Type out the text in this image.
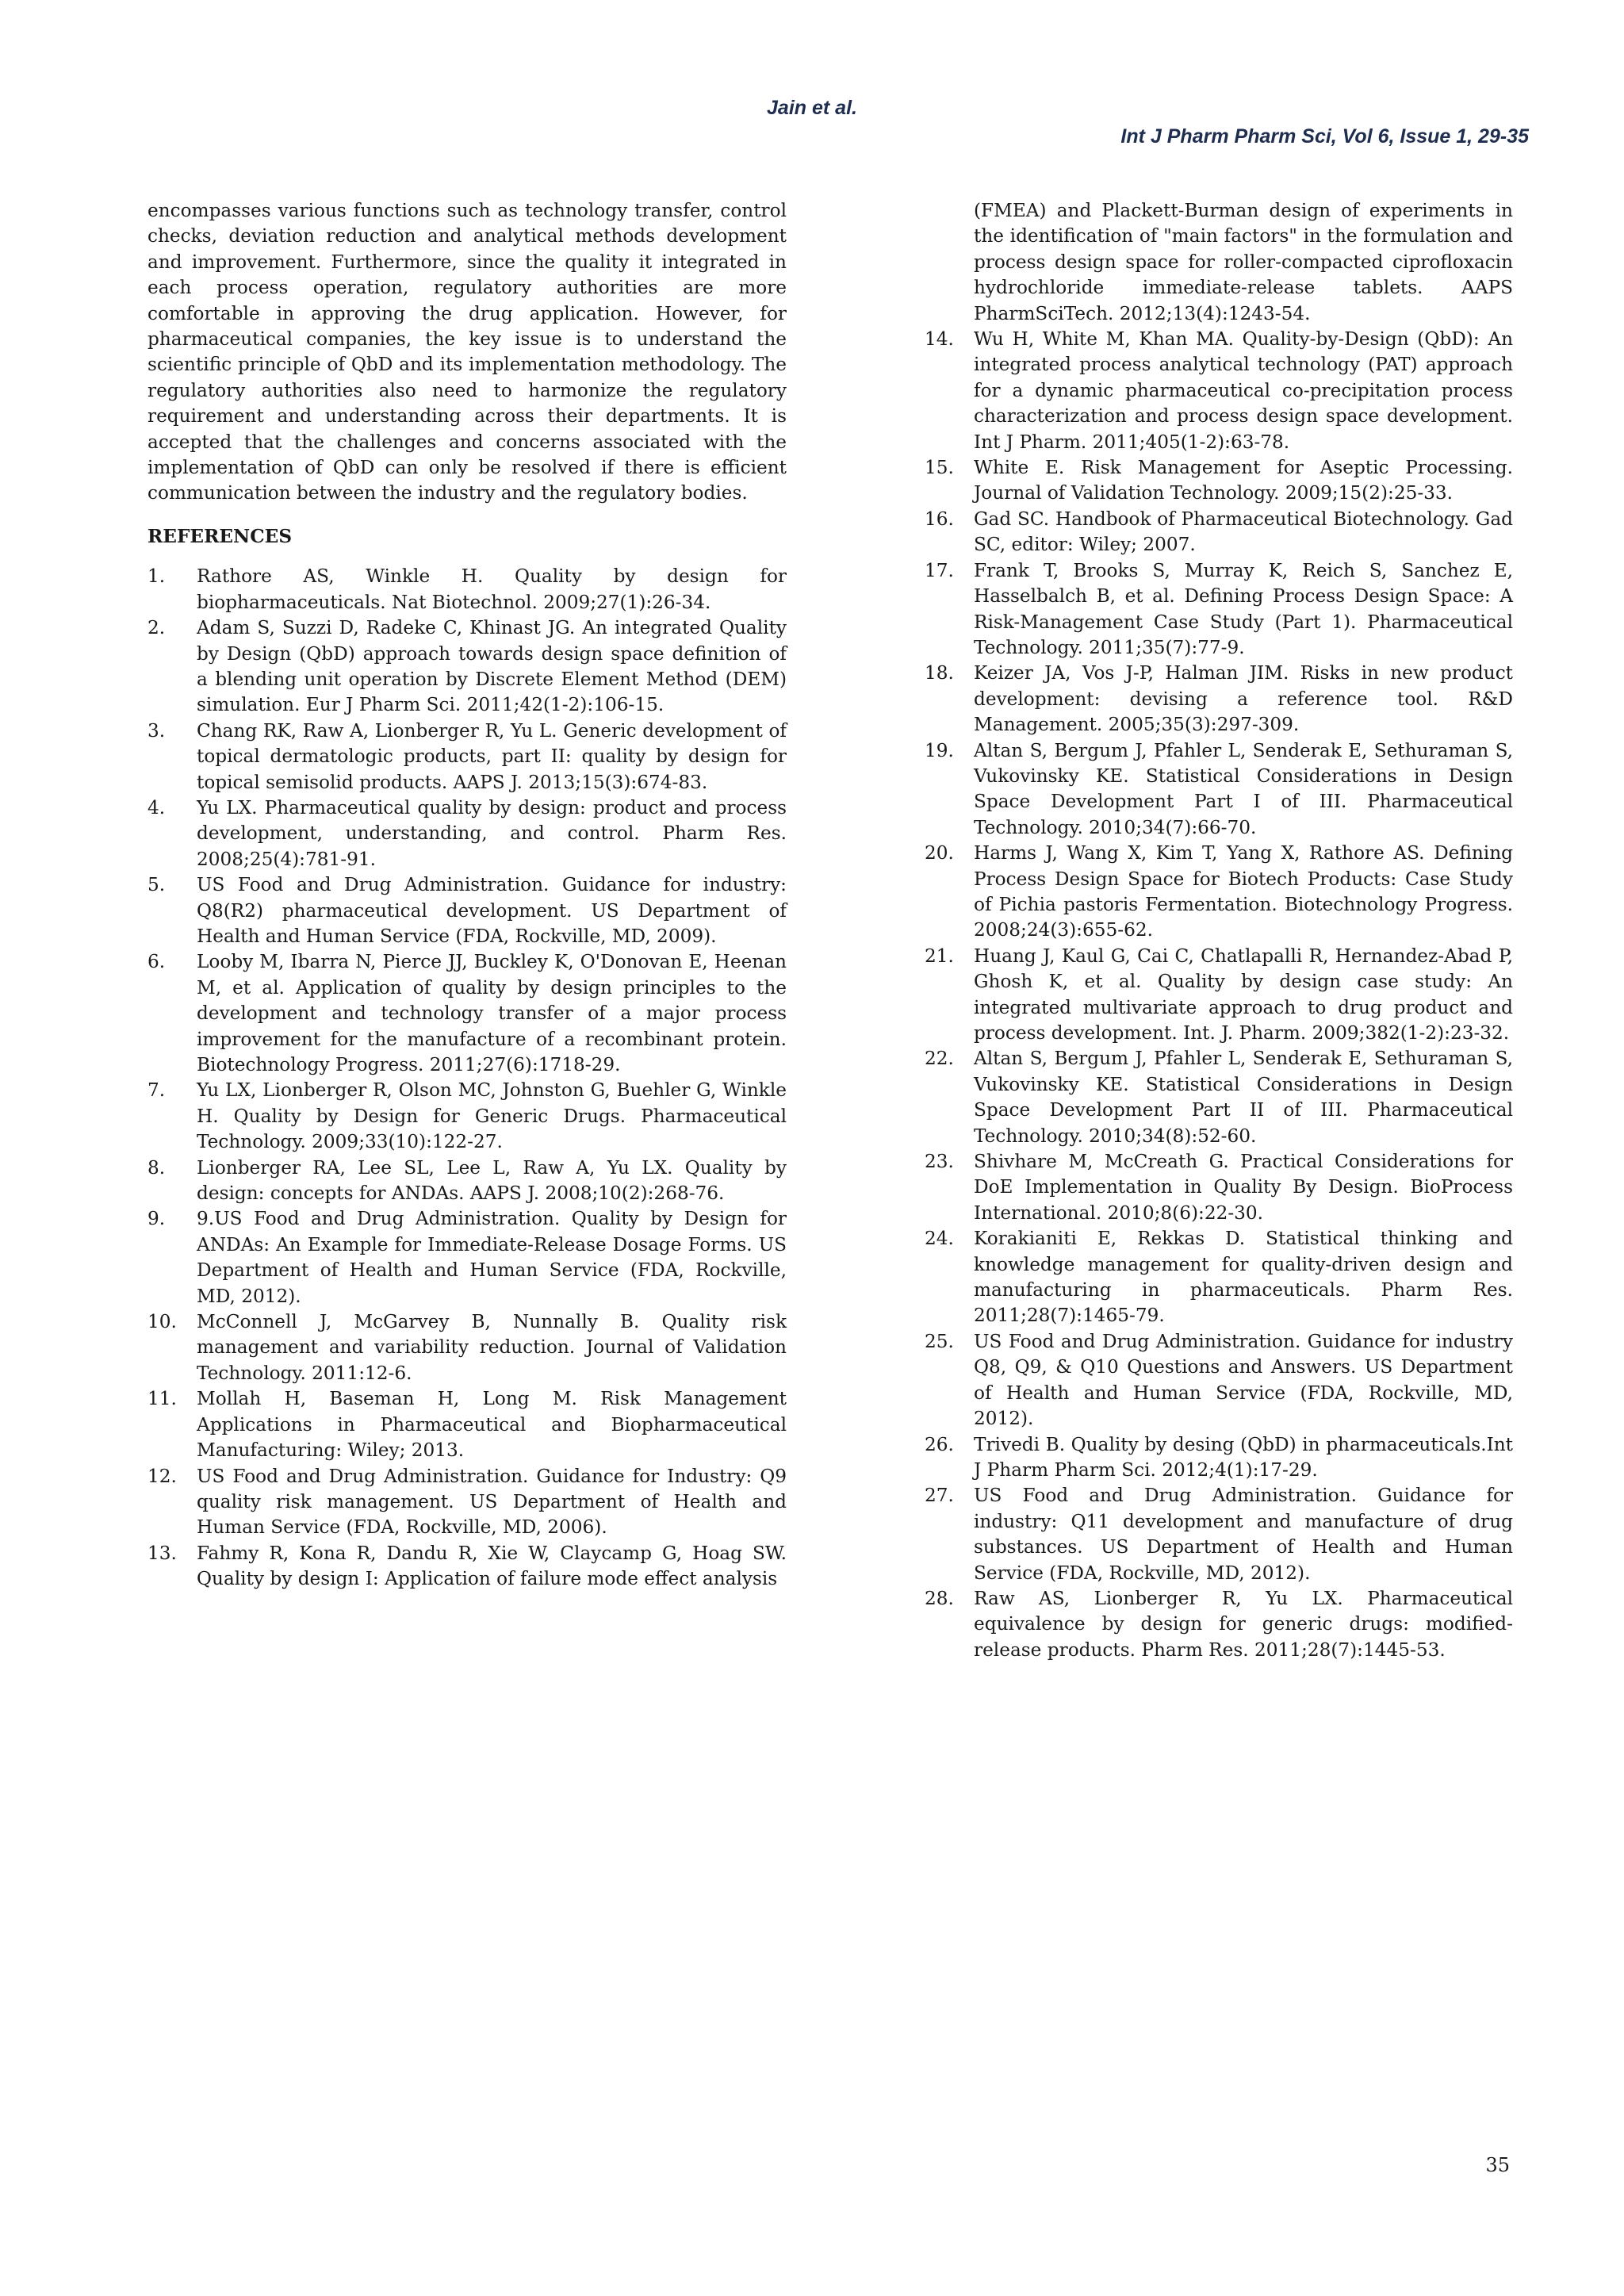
Jain et al.
Int J Pharm Pharm Sci, Vol 6, Issue 1, 29-35

encompasses various functions such as technology transfer, control checks, deviation reduction and analytical methods development and improvement. Furthermore, since the quality it integrated in each process operation, regulatory authorities are more comfortable in approving the drug application. However, for pharmaceutical companies, the key issue is to understand the scientific principle of QbD and its implementation methodology. The regulatory authorities also need to harmonize the regulatory requirement and understanding across their departments. It is accepted that the challenges and concerns associated with the implementation of QbD can only be resolved if there is efficient communication between the industry and the regulatory bodies.

REFERENCES
1. Rathore AS, Winkle H. Quality by design for biopharmaceuticals. Nat Biotechnol. 2009;27(1):26-34.
2. Adam S, Suzzi D, Radeke C, Khinast JG. An integrated Quality by Design (QbD) approach towards design space definition of a blending unit operation by Discrete Element Method (DEM) simulation. Eur J Pharm Sci. 2011;42(1-2):106-15.
3. Chang RK, Raw A, Lionberger R, Yu L. Generic development of topical dermatologic products, part II: quality by design for topical semisolid products. AAPS J. 2013;15(3):674-83.
4. Yu LX. Pharmaceutical quality by design: product and process development, understanding, and control. Pharm Res. 2008;25(4):781-91.
5. US Food and Drug Administration. Guidance for industry: Q8(R2) pharmaceutical development. US Department of Health and Human Service (FDA, Rockville, MD, 2009).
6. Looby M, Ibarra N, Pierce JJ, Buckley K, O'Donovan E, Heenan M, et al. Application of quality by design principles to the development and technology transfer of a major process improvement for the manufacture of a recombinant protein. Biotechnology Progress. 2011;27(6):1718-29.
7. Yu LX, Lionberger R, Olson MC, Johnston G, Buehler G, Winkle H. Quality by Design for Generic Drugs. Pharmaceutical Technology. 2009;33(10):122-27.
8. Lionberger RA, Lee SL, Lee L, Raw A, Yu LX. Quality by design: concepts for ANDAs. AAPS J. 2008;10(2):268-76.
9. 9.US Food and Drug Administration. Quality by Design for ANDAs: An Example for Immediate-Release Dosage Forms. US Department of Health and Human Service (FDA, Rockville, MD, 2012).
10. McConnell J, McGarvey B, Nunnally B. Quality risk management and variability reduction. Journal of Validation Technology. 2011:12-6.
11. Mollah H, Baseman H, Long M. Risk Management Applications in Pharmaceutical and Biopharmaceutical Manufacturing: Wiley; 2013.
12. US Food and Drug Administration. Guidance for Industry: Q9 quality risk management. US Department of Health and Human Service (FDA, Rockville, MD, 2006).
13. Fahmy R, Kona R, Dandu R, Xie W, Claycamp G, Hoag SW. Quality by design I: Application of failure mode effect analysis
(FMEA) and Plackett-Burman design of experiments in the identification of "main factors" in the formulation and process design space for roller-compacted ciprofloxacin hydrochloride immediate-release tablets. AAPS PharmSciTech. 2012;13(4):1243-54.
14. Wu H, White M, Khan MA. Quality-by-Design (QbD): An integrated process analytical technology (PAT) approach for a dynamic pharmaceutical co-precipitation process characterization and process design space development. Int J Pharm. 2011;405(1-2):63-78.
15. White E. Risk Management for Aseptic Processing. Journal of Validation Technology. 2009;15(2):25-33.
16. Gad SC. Handbook of Pharmaceutical Biotechnology. Gad SC, editor: Wiley; 2007.
17. Frank T, Brooks S, Murray K, Reich S, Sanchez E, Hasselbalch B, et al. Defining Process Design Space: A Risk-Management Case Study (Part 1). Pharmaceutical Technology. 2011;35(7):77-9.
18. Keizer JA, Vos J-P, Halman JIM. Risks in new product development: devising a reference tool. R&D Management. 2005;35(3):297-309.
19. Altan S, Bergum J, Pfahler L, Senderak E, Sethuraman S, Vukovinsky KE. Statistical Considerations in Design Space Development Part I of III. Pharmaceutical Technology. 2010;34(7):66-70.
20. Harms J, Wang X, Kim T, Yang X, Rathore AS. Defining Process Design Space for Biotech Products: Case Study of Pichia pastoris Fermentation. Biotechnology Progress. 2008;24(3):655-62.
21. Huang J, Kaul G, Cai C, Chatlapalli R, Hernandez-Abad P, Ghosh K, et al. Quality by design case study: An integrated multivariate approach to drug product and process development. Int. J. Pharm. 2009;382(1-2):23-32.
22. Altan S, Bergum J, Pfahler L, Senderak E, Sethuraman S, Vukovinsky KE. Statistical Considerations in Design Space Development Part II of III. Pharmaceutical Technology. 2010;34(8):52-60.
23. Shivhare M, McCreath G. Practical Considerations for DoE Implementation in Quality By Design. BioProcess International. 2010;8(6):22-30.
24. Korakianiti E, Rekkas D. Statistical thinking and knowledge management for quality-driven design and manufacturing in pharmaceuticals. Pharm Res. 2011;28(7):1465-79.
25. US Food and Drug Administration. Guidance for industry Q8, Q9, & Q10 Questions and Answers. US Department of Health and Human Service (FDA, Rockville, MD, 2012).
26. Trivedi B. Quality by desing (QbD) in pharmaceuticals.Int J Pharm Pharm Sci. 2012;4(1):17-29.
27. US Food and Drug Administration. Guidance for industry: Q11 development and manufacture of drug substances. US Department of Health and Human Service (FDA, Rockville, MD, 2012).
28. Raw AS, Lionberger R, Yu LX. Pharmaceutical equivalence by design for generic drugs: modified-release products. Pharm Res. 2011;28(7):1445-53.
35
